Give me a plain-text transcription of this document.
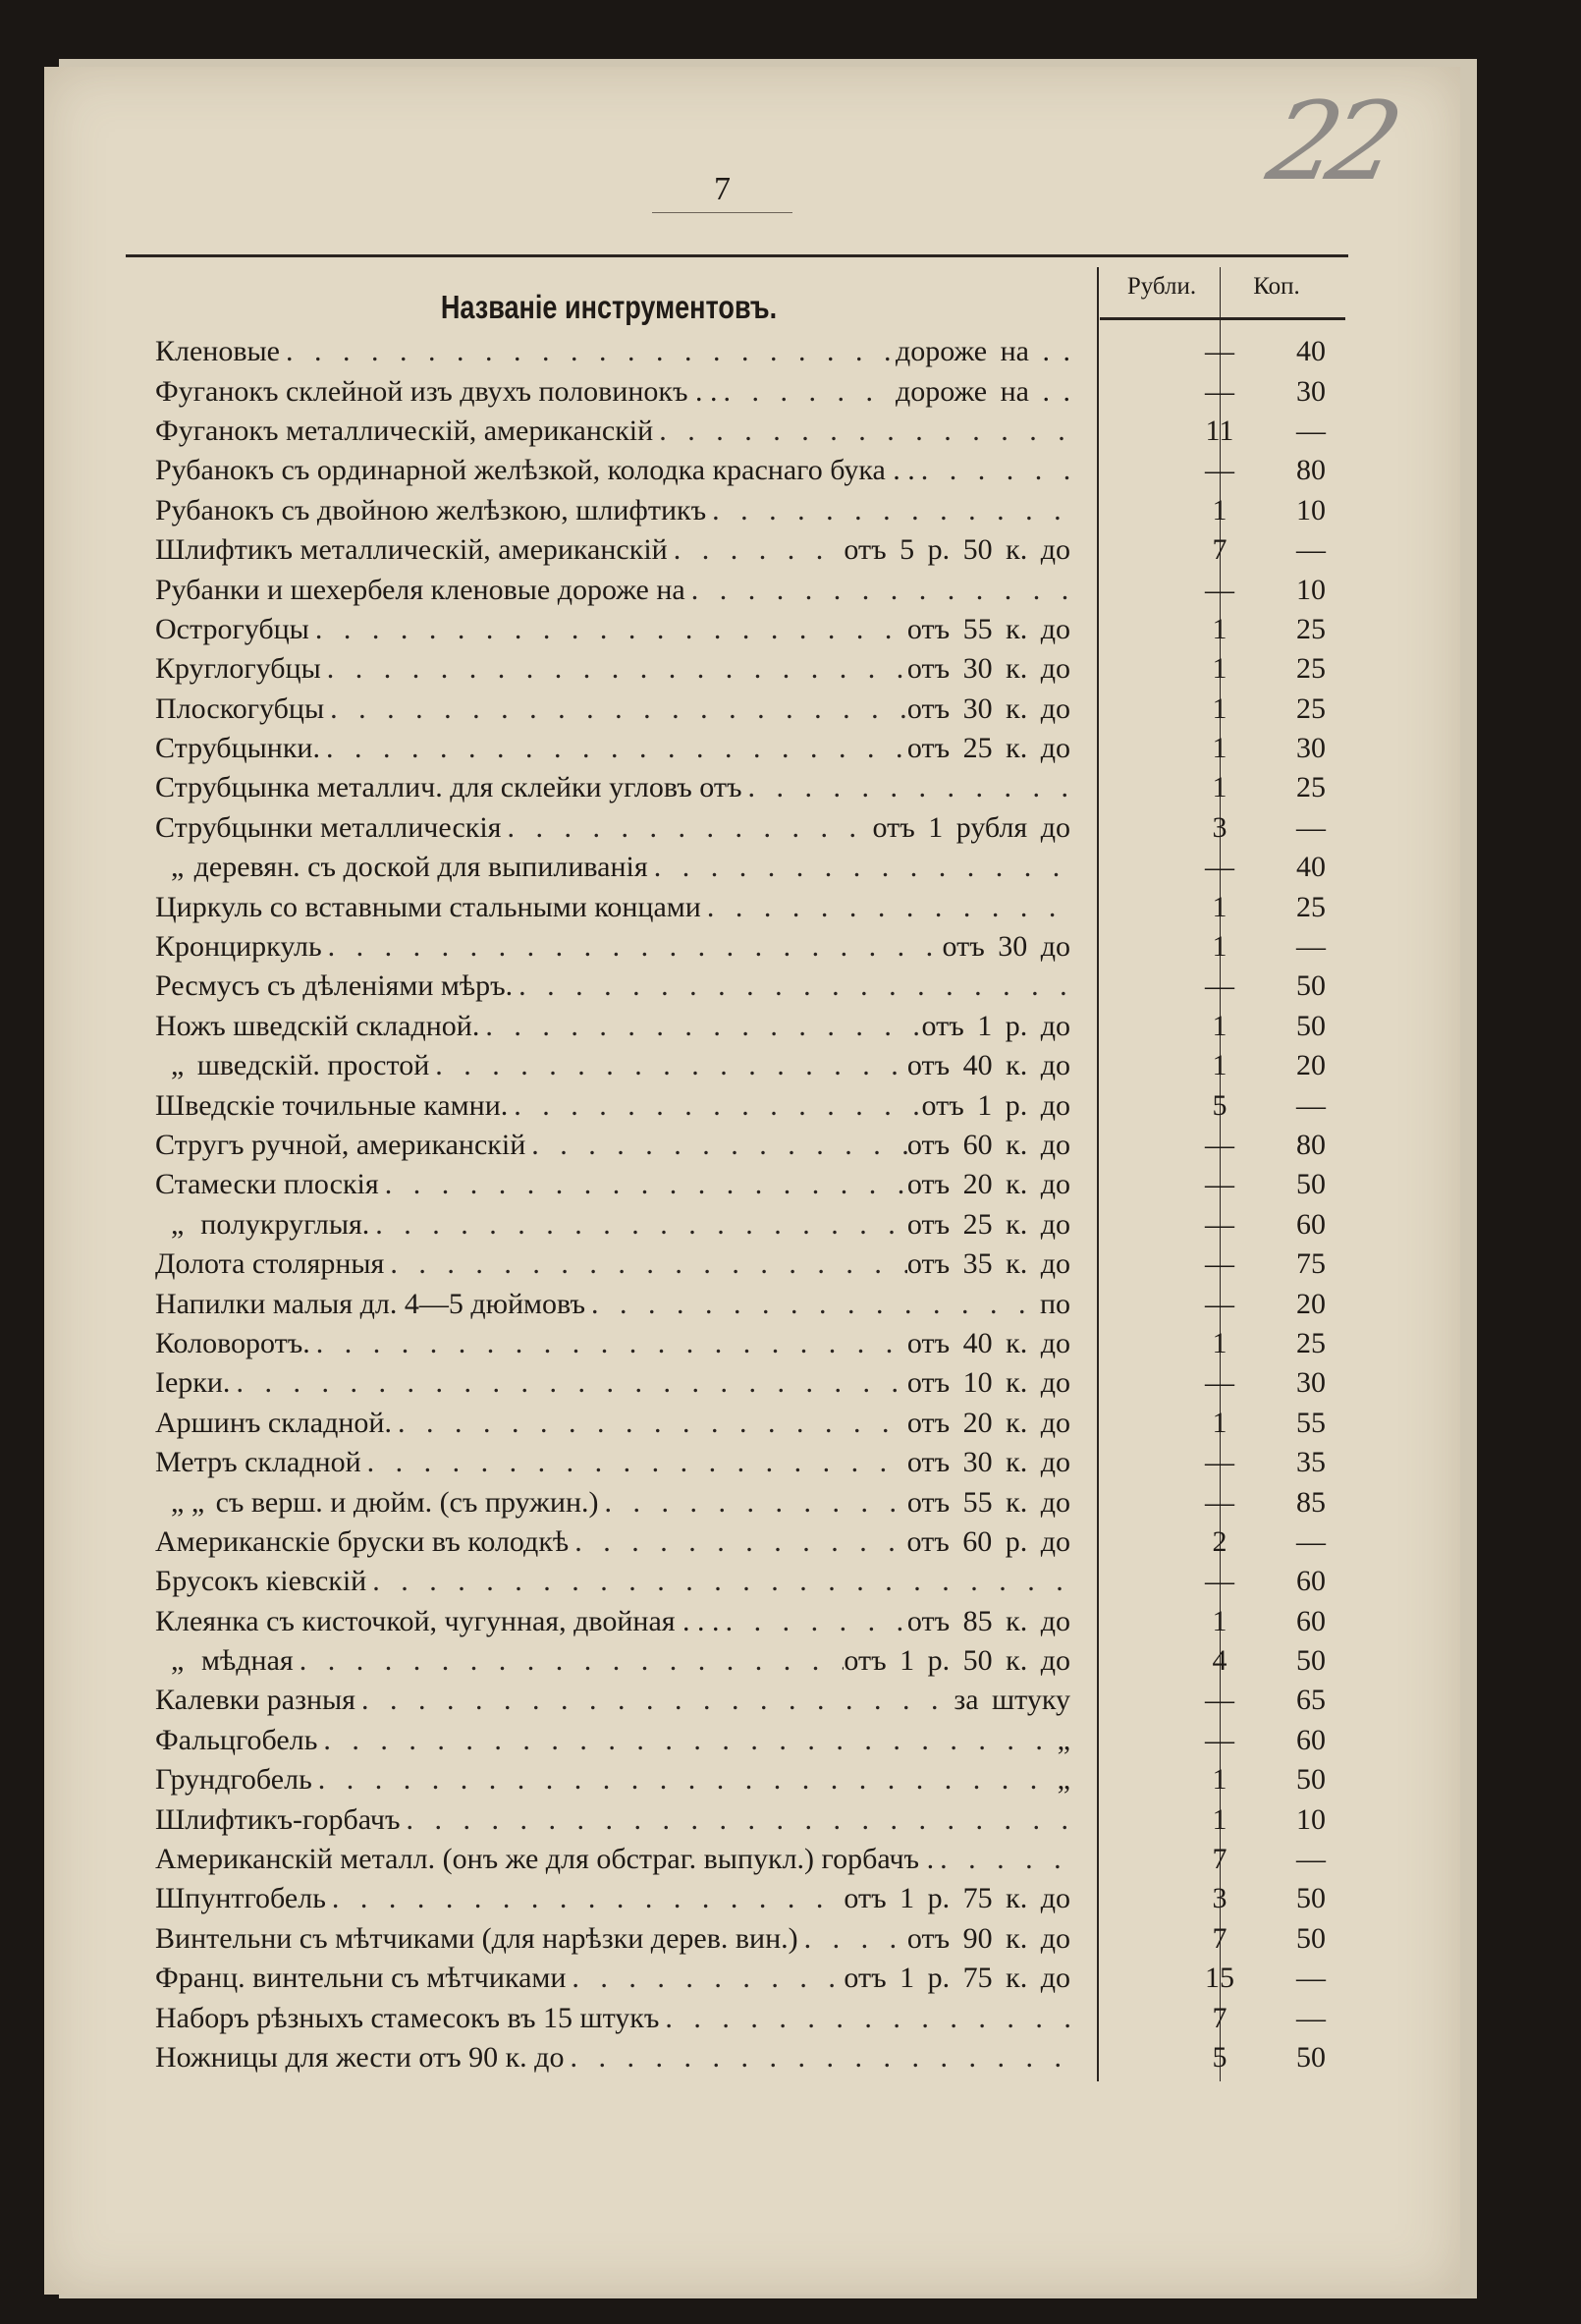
22
7
Рубли.	Коп.
Названіе инструментовъ.
Кленовые . . .	дороже на . .	—	40
Фуганокъ склейной изъ двухъ половинокъ . . . . .	дороже на . .	—	30
Фуганокъ металлическій, американскій . . .	11	—
Рубанокъ съ ординарной желѣзкой, колодка краснаго бука . . . . .	—	80
Рубанокъ съ двойною желѣзкою, шлифтикъ . . .	1	10
Шлифтикъ металлическій, американскій . . .	отъ 5 р. 50 к. до	7	—
Рубанки и шехербеля кленовые дороже на . . .	—	10
Острогубцы . . .	отъ 55 к. до	1	25
Круглогубцы . . .	отъ 30 к. до	1	25
Плоскогубцы . . .	отъ 30 к. до	1	25
Струбцынки. . . .	отъ 25 к. до	1	30
Струбцынка металлич. для склейки угловъ отъ . . .	1	25
Струбцынки металлическія . . .	отъ 1 рубля до	3	—
„ деревян. съ доской для выпиливанія . . .	—	40
Циркуль со вставными стальными концами . . .	1	25
Кронциркуль . . .	отъ 30 до	1	—
Ресмусъ съ дѣленіями мѣръ. . . .	—	50
Ножъ шведскій складной. . . .	отъ 1 р. до	1	50
„ шведскій. простой . . .	отъ 40 к. до	1	20
Шведскіе точильные камни. . . .	отъ 1 р. до	5	—
Стругъ ручной, американскій . . .	отъ 60 к. до	—	80
Стамески плоскія . . .	отъ 20 к. до	—	50
„ полукруглыя. . . .	отъ 25 к. до	—	60
Долота столярныя . . .	отъ 35 к. до	—	75
Напилки малыя дл. 4—5 дюймовъ . . .	по	—	20
Коловоротъ. . . .	отъ 40 к. до	1	25
Іерки. . . .	отъ 10 к. до	—	30
Аршинъ складной. . . .	отъ 20 к. до	1	55
Метръ складной . . .	отъ 30 к. до	—	35
„ „ съ верш. и дюйм. (съ пружин.) . . .	отъ 55 к. до	—	85
Американскіе бруски въ колодкѣ . . .	отъ 60 р. до	2	—
Брусокъ кіевскій . . .	—	60
Клеянка съ кисточкой, чугунная, двойная . . . . . .	отъ 85 к. до	1	60
„ мѣдная . . .	отъ 1 р. 50 к. до	4	50
Калевки разныя . . .	за штуку	—	65
Фальцгобель . . .	„	—	60
Грундгобель . . .	„	1	50
Шлифтикъ-горбачъ . . .	1	10
Американскій металл. (онъ же для обстраг. выпукл.) горбачъ . . . .	7	—
Шпунтгобель . . .	отъ 1 р. 75 к. до	3	50
Винтельни съ мѣтчиками (для нарѣзки дерев. вин.) . . .	отъ 90 к. до	7	50
Франц. винтельни съ мѣтчиками . . .	отъ 1 р. 75 к. до	15	—
Наборъ рѣзныхъ стамесокъ въ 15 штукъ . . .	7	—
Ножницы для жести отъ 90 к. до . . .	5	50
